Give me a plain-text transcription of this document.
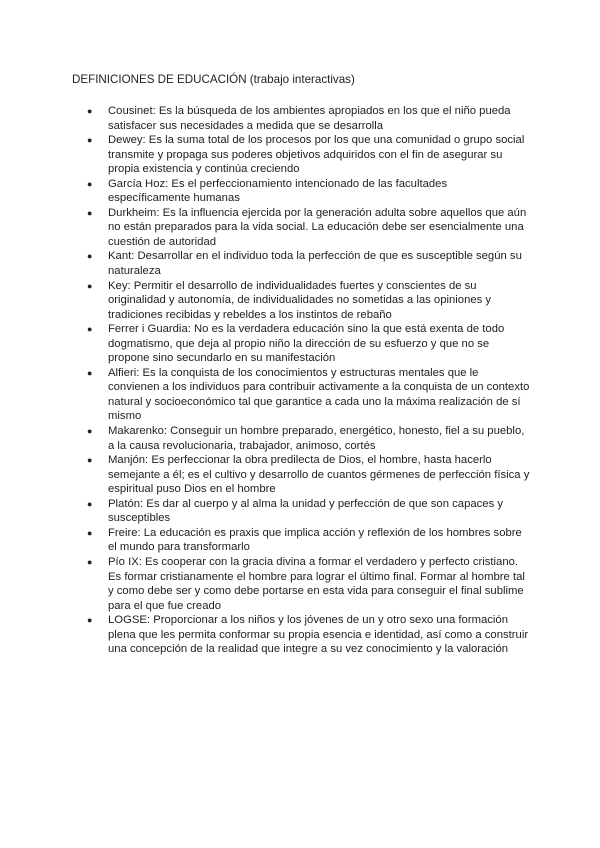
DEFINICIONES DE EDUCACIÓN (trabajo interactivas)
● Cousinet: Es la búsqueda de los ambientes apropiados en los que el niño pueda satisfacer sus necesidades a medida que se desarrolla
● Dewey: Es la suma total de los procesos por los que una comunidad o grupo social transmite y propaga sus poderes objetivos adquiridos con el fin de asegurar su propia existencia y continúa creciendo
● García Hoz: Es el perfeccionamiento intencionado de las facultades específicamente humanas
● Durkheim: Es la influencia ejercida por la generación adulta sobre aquellos que aún no están preparados para la vida social. La educación debe ser esencialmente una cuestión de autoridad
● Kant: Desarrollar en el individuo toda la perfección de que es susceptible según su naturaleza
● Key: Permitir el desarrollo de individualidades fuertes y conscientes de su originalidad y autonomía, de individualidades no sometidas a las opiniones y tradiciones recibidas y rebeldes a los instintos de rebaño
● Ferrer i Guardia: No es la verdadera educación sino la que está exenta de todo dogmatismo, que deja al propio niño la dirección de su esfuerzo y que no se propone sino secundarlo en su manifestación
● Alfieri: Es la conquista de los conocimientos y estructuras mentales que le convienen a los individuos para contribuir activamente a la conquista de un contexto natural y socioeconómico tal que garantice a cada uno la máxima realización de sí mismo
● Makarenko: Conseguir un hombre preparado, energético, honesto, fiel a su pueblo, a la causa revolucionaria, trabajador, animoso, cortés
● Manjón: Es perfeccionar la obra predilecta de Dios, el hombre, hasta hacerlo semejante a él; es el cultivo y desarrollo de cuantos gérmenes de perfección física y espiritual puso Dios en el hombre
● Platón: Es dar al cuerpo y al alma la unidad y perfección de que son capaces y susceptibles
● Freire: La educación es praxis que implica acción y reflexión de los hombres sobre el mundo para transformarlo
● Pío IX: Es cooperar con la gracia divina a formar el verdadero y perfecto cristiano. Es formar cristianamente el hombre para lograr el último final. Formar al hombre tal y como debe ser y como debe portarse en esta vida para conseguir el final sublime para el que fue creado
● LOGSE: Proporcionar a los niños y los jóvenes de un y otro sexo una formación plena que les permita conformar su propia esencia e identidad, así como a construir una concepción de la realidad que integre a su vez conocimiento y la valoración
